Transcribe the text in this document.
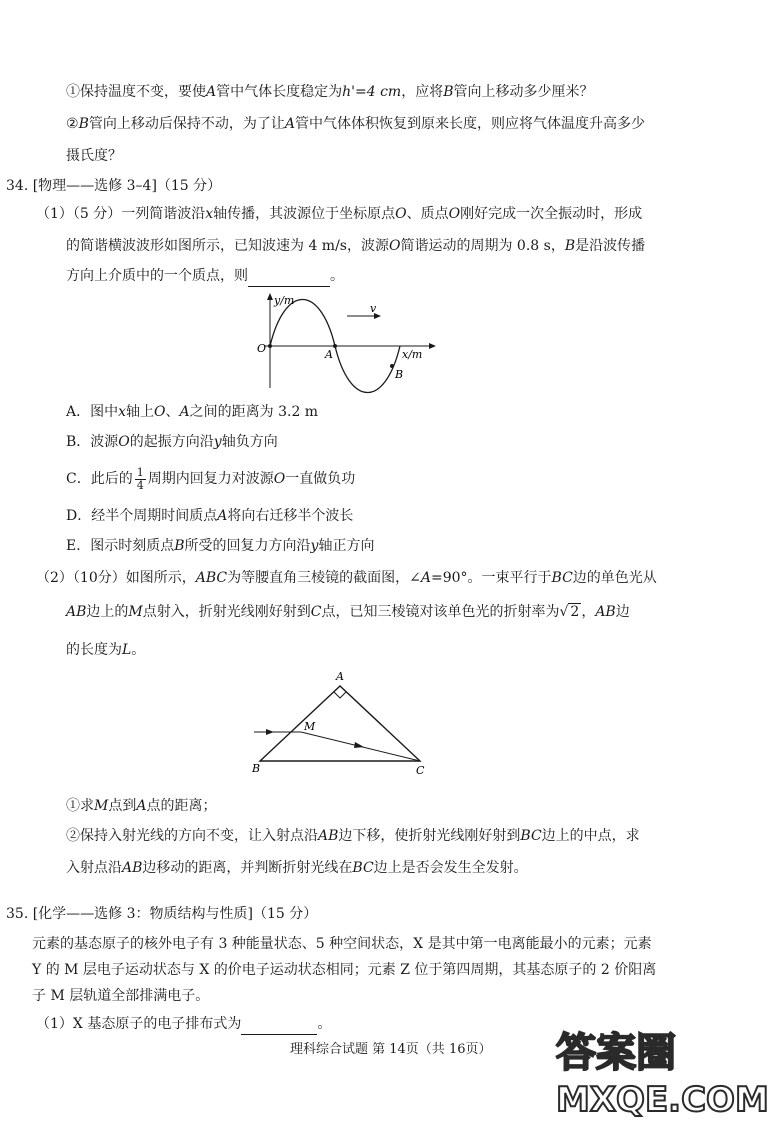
①保持温度不变，要使A管中气体长度稳定为h'=4 cm，应将B管向上移动多少厘米？
②B管向上移动后保持不动，为了让A管中气体体积恢复到原来长度，则应将气体温度升高多少
摄氏度？
34. [物理——选修 3–4]（15 分）
（1）（5 分）一列简谐波沿x轴传播，其波源位于坐标原点O、质点O刚好完成一次全振动时，形成
的简谐横波波形如图所示，已知波速为 4 m/s，波源O简谐运动的周期为 0.8 s，B是沿波传播
方向上介质中的一个质点，则	。
y/m
x/m
O	A
B
v
A．图中x轴上O、A之间的距离为 3.2 m
B．波源O的起振方向沿y轴负方向
C．此后的 $\frac{1}{4}$ 周期内回复力对波源O一直做负功
D．经半个周期时间质点A将向右迁移半个波长
E．图示时刻质点B所受的回复力方向沿y轴正方向
（2）（10分）如图所示，ABC为等腰直角三棱镜的截面图，∠A=90°。一束平行于BC边的单色光从
AB边上的M点射入，折射光线刚好射到C点，已知三棱镜对该单色光的折射率为√ 2 ，AB边
的长度为L。
A
M
B	C
①求M点到A点的距离；
②保持入射光线的方向不变，让入射点沿AB边下移，使折射光线刚好射到BC边上的中点，求
入射点沿AB边移动的距离，并判断折射光线在BC边上是否会发生全发射。
35. [化学——选修 3：物质结构与性质]（15 分）
元素的基态原子的核外电子有 3 种能量状态、5 种空间状态，X 是其中第一电离能最小的元素；元素
Y 的 M 层电子运动状态与 X 的价电子运动状态相同；元素 Z 位于第四周期，其基态原子的 2 价阳离
子 M 层轨道全部排满电子。
（1）X 基态原子的电子排布式为	。
理科综合试题 第 14页（共 16页） 答案圈
MXQE.COM
